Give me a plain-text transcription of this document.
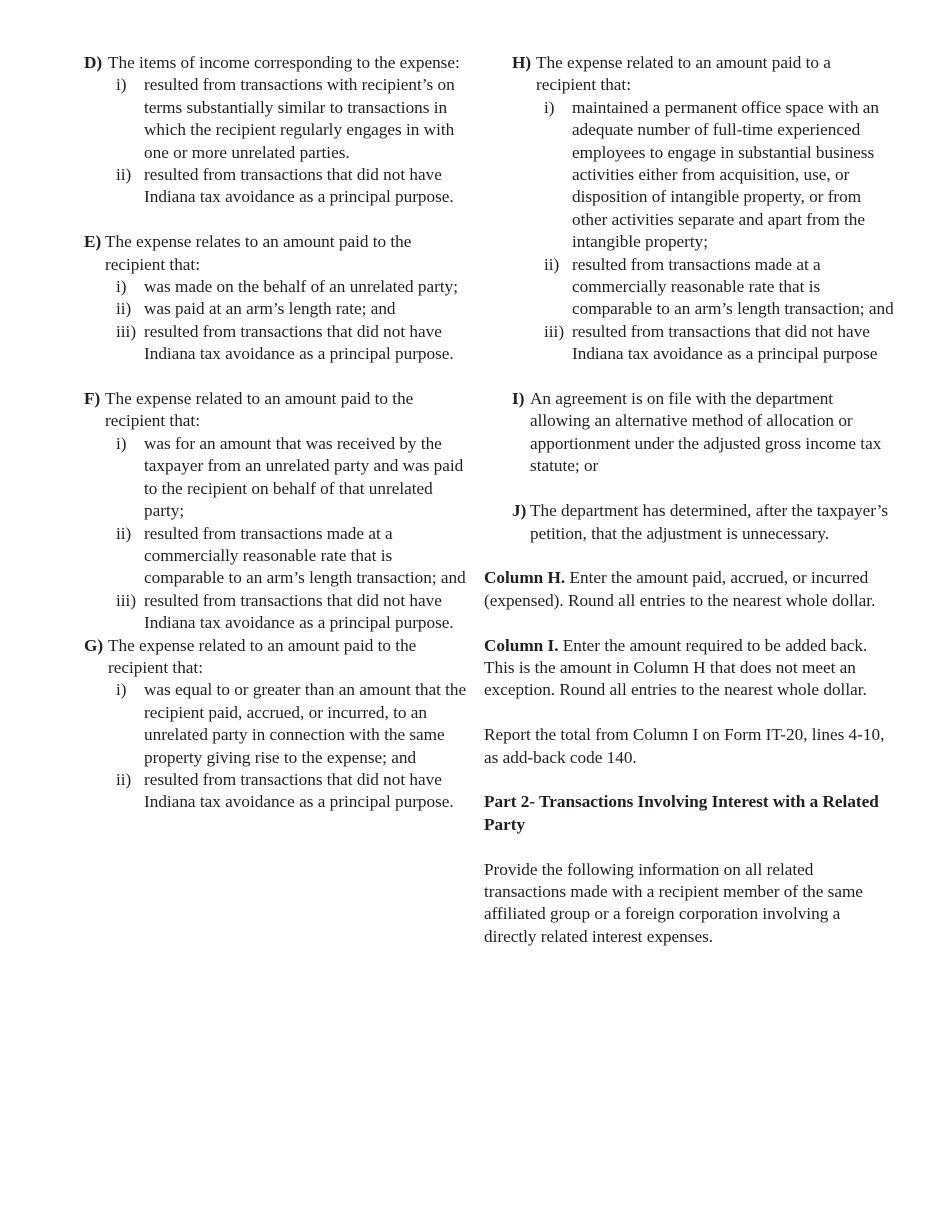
D) The items of income corresponding to the expense:
i) resulted from transactions with recipient’s on terms substantially similar to transactions in which the recipient regularly engages in with one or more unrelated parties.
ii) resulted from transactions that did not have Indiana tax avoidance as a principal purpose.
E) The expense relates to an amount paid to the recipient that:
i) was made on the behalf of an unrelated party;
ii) was paid at an arm’s length rate; and
iii) resulted from transactions that did not have Indiana tax avoidance as a principal purpose.
F) The expense related to an amount paid to the recipient that:
i) was for an amount that was received by the taxpayer from an unrelated party and was paid to the recipient on behalf of that unrelated party;
ii) resulted from transactions made at a commercially reasonable rate that is comparable to an arm’s length transaction; and
iii) resulted from transactions that did not have Indiana tax avoidance as a principal purpose.
G) The expense related to an amount paid to the recipient that:
i) was equal to or greater than an amount that the recipient paid, accrued, or incurred, to an unrelated party in connection with the same property giving rise to the expense; and
ii) resulted from transactions that did not have Indiana tax avoidance as a principal purpose.
H) The expense related to an amount paid to a recipient that:
i) maintained a permanent office space with an adequate number of full-time experienced employees to engage in substantial business activities either from acquisition, use, or disposition of intangible property, or from other activities separate and apart from the intangible property;
ii) resulted from transactions made at a commercially reasonable rate that is comparable to an arm’s length transaction; and
iii) resulted from transactions that did not have Indiana tax avoidance as a principal purpose
I) An agreement is on file with the department allowing an alternative method of allocation or apportionment under the adjusted gross income tax statute; or
J) The department has determined, after the taxpayer’s petition, that the adjustment is unnecessary.

Column H. Enter the amount paid, accrued, or incurred (expensed). Round all entries to the nearest whole dollar.

Column I. Enter the amount required to be added back. This is the amount in Column H that does not meet an exception. Round all entries to the nearest whole dollar.

Report the total from Column I on Form IT-20, lines 4-10, as add-back code 140.

Part 2- Transactions Involving Interest with a Related Party

Provide the following information on all related transactions made with a recipient member of the same affiliated group or a foreign corporation involving a directly related interest expenses.
